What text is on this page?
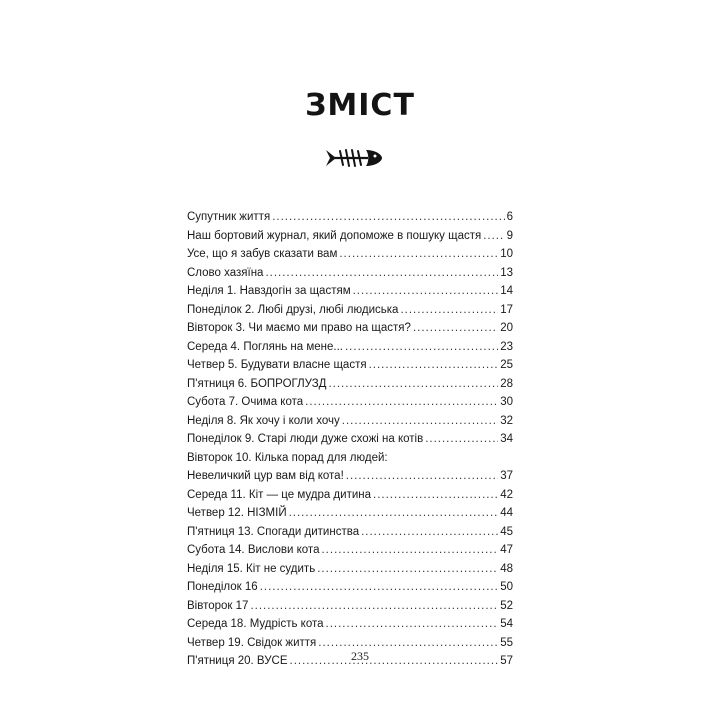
ЗМІСТ
Супутник життя .....	6
Наш бортовий журнал, який допоможе в пошуку щастя ..... 9
Усе, що я забув сказати вам .....	10
Слово хазяїна .....	13
Неділя 1. Навздогін за щастям .....	14
Понеділок 2. Любі друзі, любі людиська .....	17
Вівторок 3. Чи маємо ми право на щастя? .....	20
Середа 4. Поглянь на мене... .....	23
Четвер 5. Будувати власне щастя .....	25
П'ятниця 6. БОПРОГЛУЗД .....	28
Субота 7. Очима кота .....	30
Неділя 8. Як хочу і коли хочу .....	32
Понеділок 9. Старі люди дуже схожі на котів .....	34
Вівторок 10. Кілька порад для людей:
Невеличкий цур вам від кота! .....	37
Середа 11. Кіт — це мудра дитина .....	42
Четвер 12. НІЗМІЙ .....	44
П'ятниця 13. Спогади дитинства .....	45
Субота 14. Вислови кота .....	47
Неділя 15. Кіт не судить .....	48
Понеділок 16 .....	50
Вівторок 17 .....	52
Середа 18. Мудрість кота .....	54
Четвер 19. Свідок життя .....	55
П'ятниця 20. ВУСЕ .....	57
235
